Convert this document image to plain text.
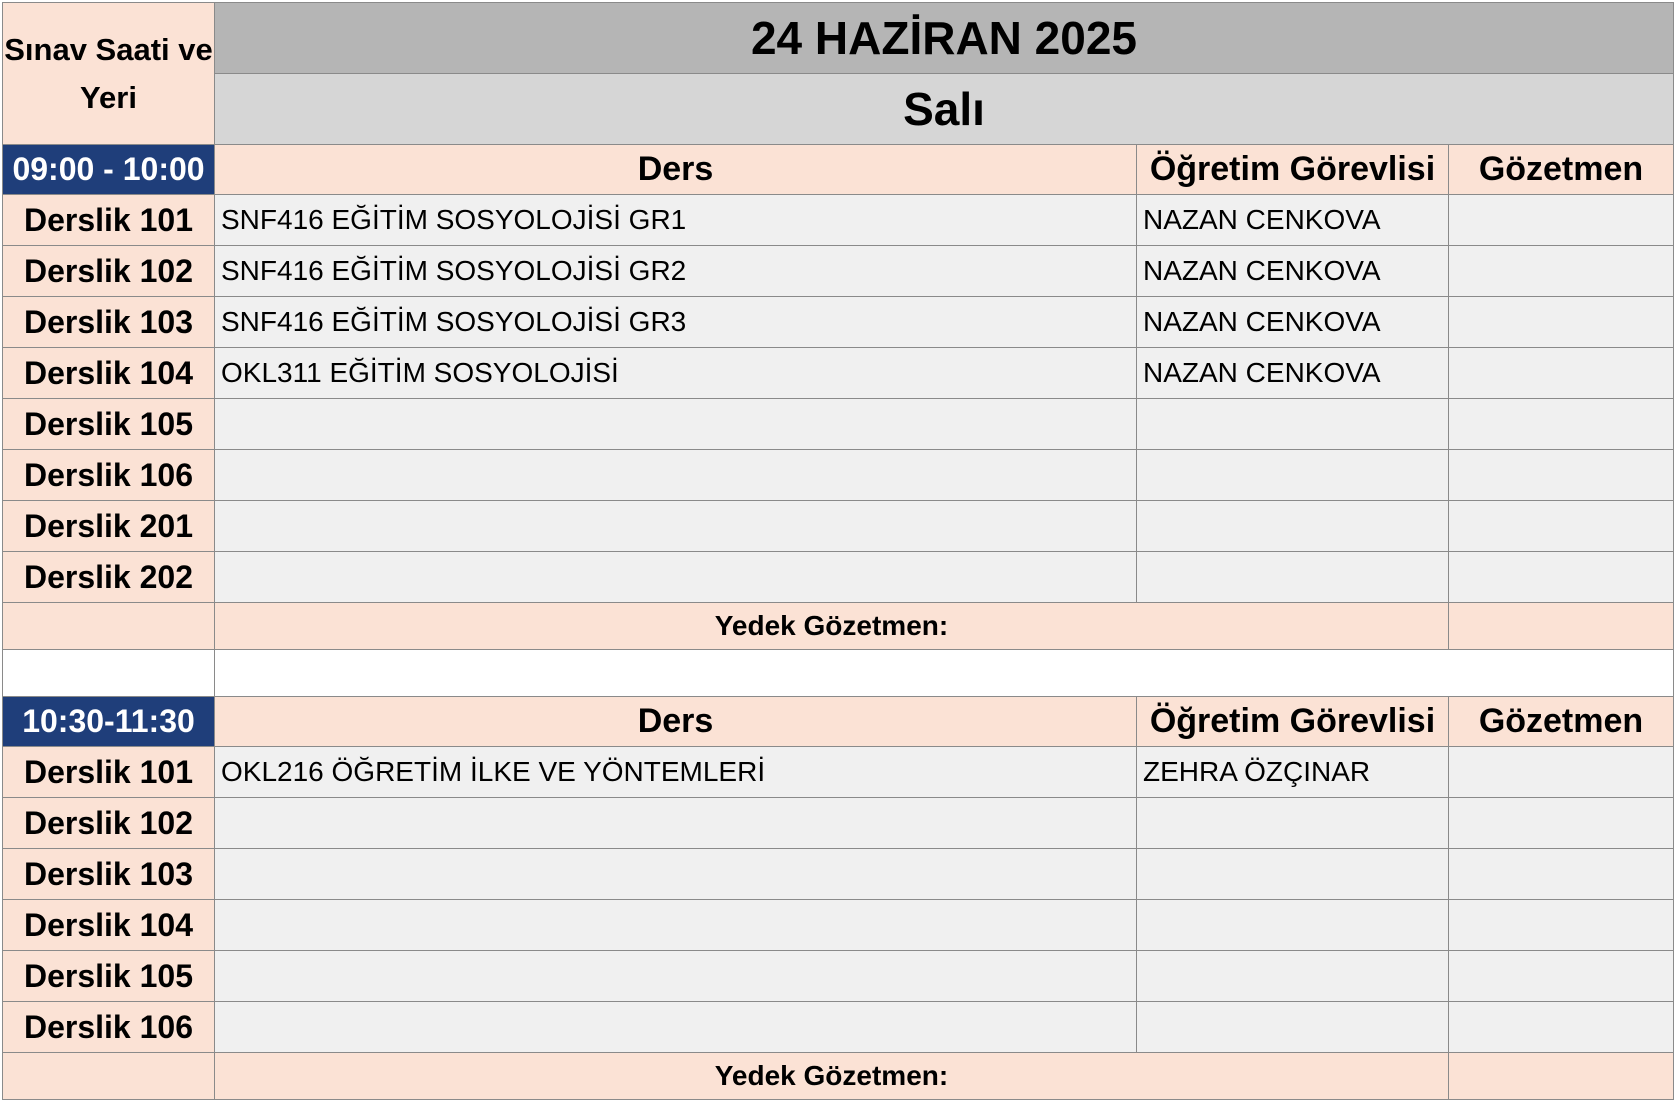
Sınav Saati ve Yeri	24 HAZİRAN 2025		
	Salı		
09:00 - 10:00	Ders	Öğretim Görevlisi	Gözetmen
Derslik 101	SNF416 EĞİTİM SOSYOLOJİSİ GR1	NAZAN CENKOVA	
Derslik 102	SNF416 EĞİTİM SOSYOLOJİSİ GR2	NAZAN CENKOVA	
Derslik 103	SNF416 EĞİTİM SOSYOLOJİSİ GR3	NAZAN CENKOVA	
Derslik 104	OKL311 EĞİTİM SOSYOLOJİSİ	NAZAN CENKOVA	
Derslik 105			
Derslik 106			
Derslik 201			
Derslik 202			
	Yedek Gözetmen:		

10:30-11:30	Ders	Öğretim Görevlisi	Gözetmen
Derslik 101	OKL216 ÖĞRETİM İLKE VE YÖNTEMLERİ	ZEHRA ÖZÇINAR	
Derslik 102			
Derslik 103			
Derslik 104			
Derslik 105			
Derslik 106			
	Yedek Gözetmen:		
